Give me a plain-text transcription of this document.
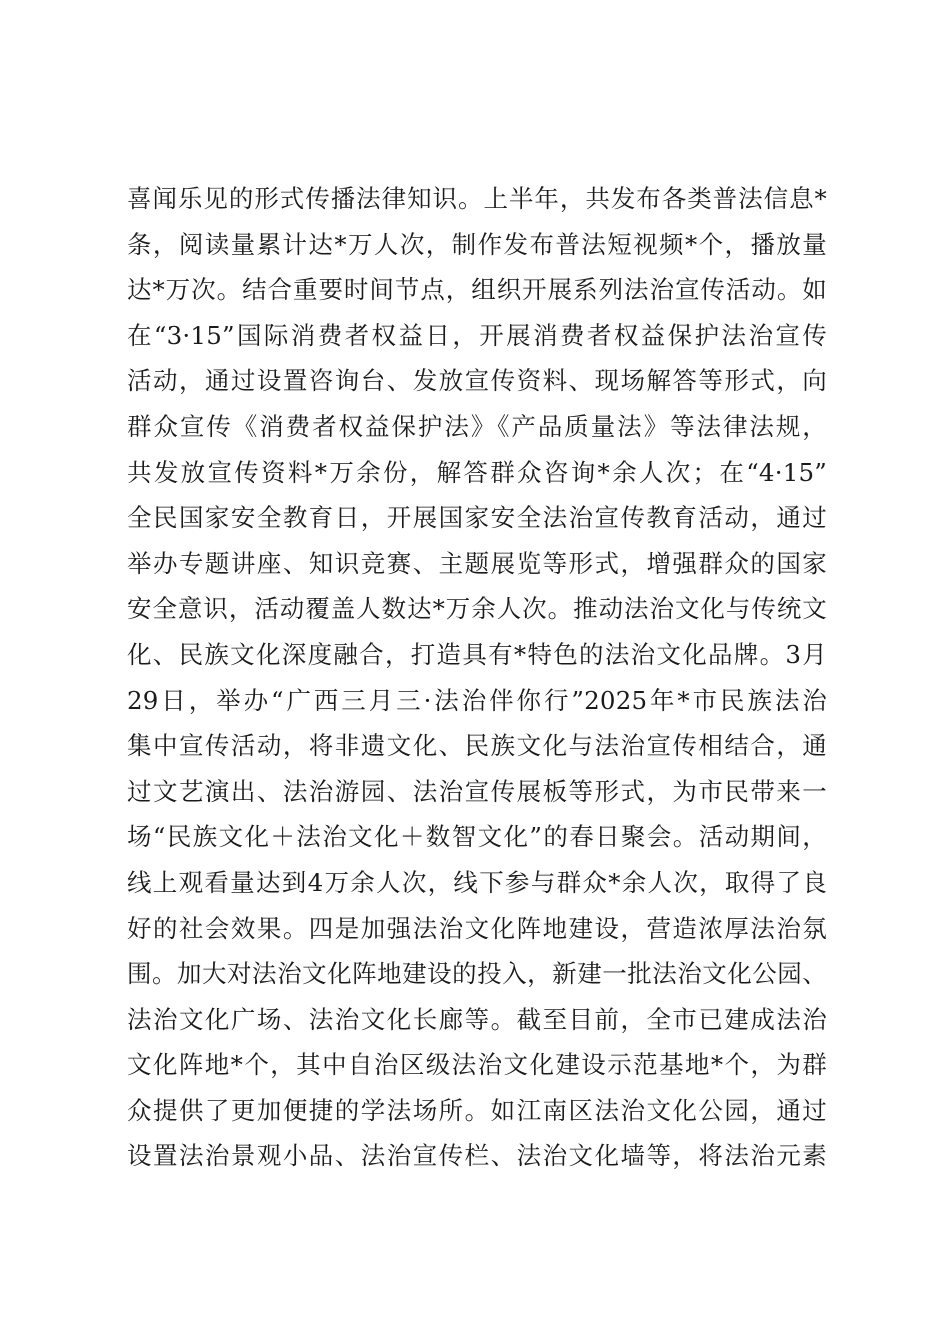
喜闻乐见的形式传播法律知识。上半年，共发布各类普法信息*
条，阅读量累计达*万人次，制作发布普法短视频*个，播放量
达*万次。结合重要时间节点，组织开展系列法治宣传活动。如
在“3·15”国际消费者权益日，开展消费者权益保护法治宣传
活动，通过设置咨询台、发放宣传资料、现场解答等形式，向
群众宣传《消费者权益保护法》《产品质量法》等法律法规，
共发放宣传资料*万余份，解答群众咨询*余人次；在“4·15”
全民国家安全教育日，开展国家安全法治宣传教育活动，通过
举办专题讲座、知识竞赛、主题展览等形式，增强群众的国家
安全意识，活动覆盖人数达*万余人次。推动法治文化与传统文
化、民族文化深度融合，打造具有*特色的法治文化品牌。3月
29日，举办“广西三月三·法治伴你行”2025年*市民族法治
集中宣传活动，将非遗文化、民族文化与法治宣传相结合，通
过文艺演出、法治游园、法治宣传展板等形式，为市民带来一
场“民族文化＋法治文化＋数智文化”的春日聚会。活动期间，
线上观看量达到4万余人次，线下参与群众*余人次，取得了良
好的社会效果。四是加强法治文化阵地建设，营造浓厚法治氛
围。加大对法治文化阵地建设的投入，新建一批法治文化公园、
法治文化广场、法治文化长廊等。截至目前，全市已建成法治
文化阵地*个，其中自治区级法治文化建设示范基地*个，为群
众提供了更加便捷的学法场所。如江南区法治文化公园，通过
设置法治景观小品、法治宣传栏、法治文化墙等，将法治元素
